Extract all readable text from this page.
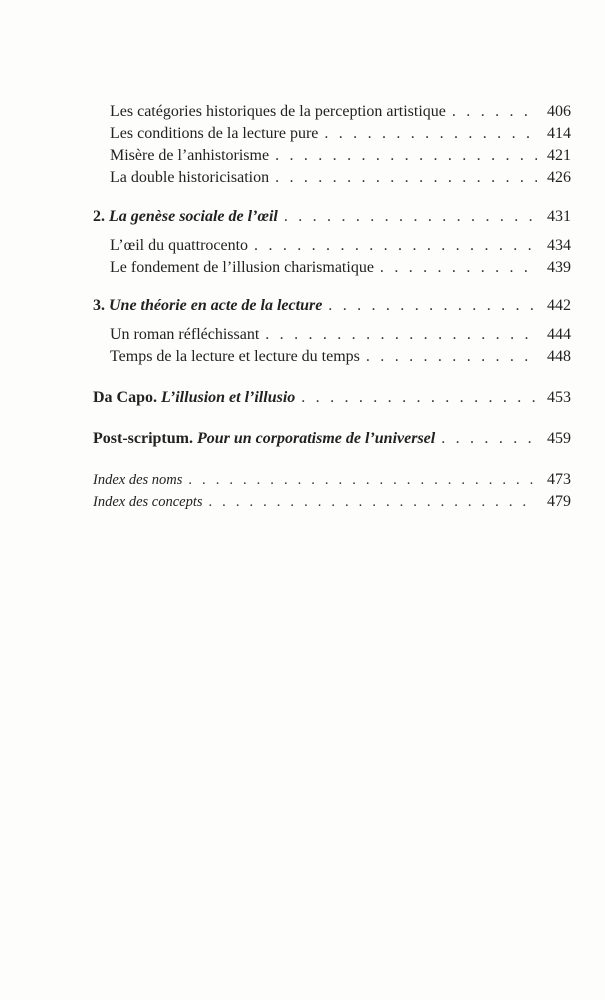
Les catégories historiques de la perception artistique . . .	406
Les conditions de la lecture pure . . .	414
Misère de l’anhistorisme . . .	421
La double historicisation . . .	426
2. La genèse sociale de l’œil . . .	431
L’œil du quattrocento . . .	434
Le fondement de l’illusion charismatique . . .	439
3. Une théorie en acte de la lecture . . .	442
Un roman réfléchissant . . .	444
Temps de la lecture et lecture du temps . . .	448
Da Capo. L’illusion et l’illusio . . .	453
Post-scriptum. Pour un corporatisme de l’universel . . .	459
Index des noms . . .	473
Index des concepts . . .	479
